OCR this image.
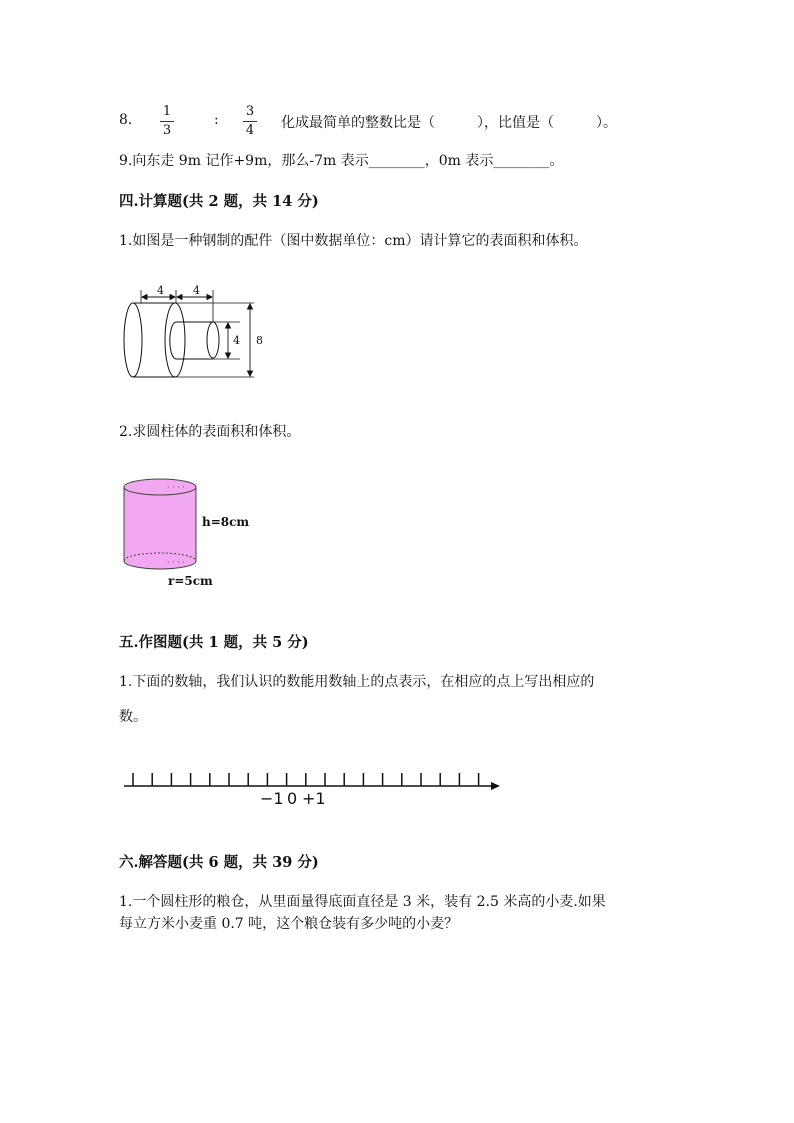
8.
1
3
:
3
4 化成最简单的整数比是（　　　），比值是（　　　）。
9.向东走 9m 记作+9m，那么-7m 表示________，0m 表示________。
四.计算题(共 2 题，共 14 分)
1.如图是一种钢制的配件（图中数据单位：cm）请计算它的表面积和体积。
4	4
4 8
2.求圆柱体的表面积和体积。
· · · ·
· · · ·
h=8cm
r=5cm
五.作图题(共 1 题，共 5 分)
1.下面的数轴，我们认识的数能用数轴上的点表示，在相应的点上写出相应的
数。
−1 0 +1
六.解答题(共 6 题，共 39 分)
1.一个圆柱形的粮仓，从里面量得底面直径是 3 米，装有 2.5 米高的小麦.如果
每立方米小麦重 0.7 吨，这个粮仓装有多少吨的小麦？
